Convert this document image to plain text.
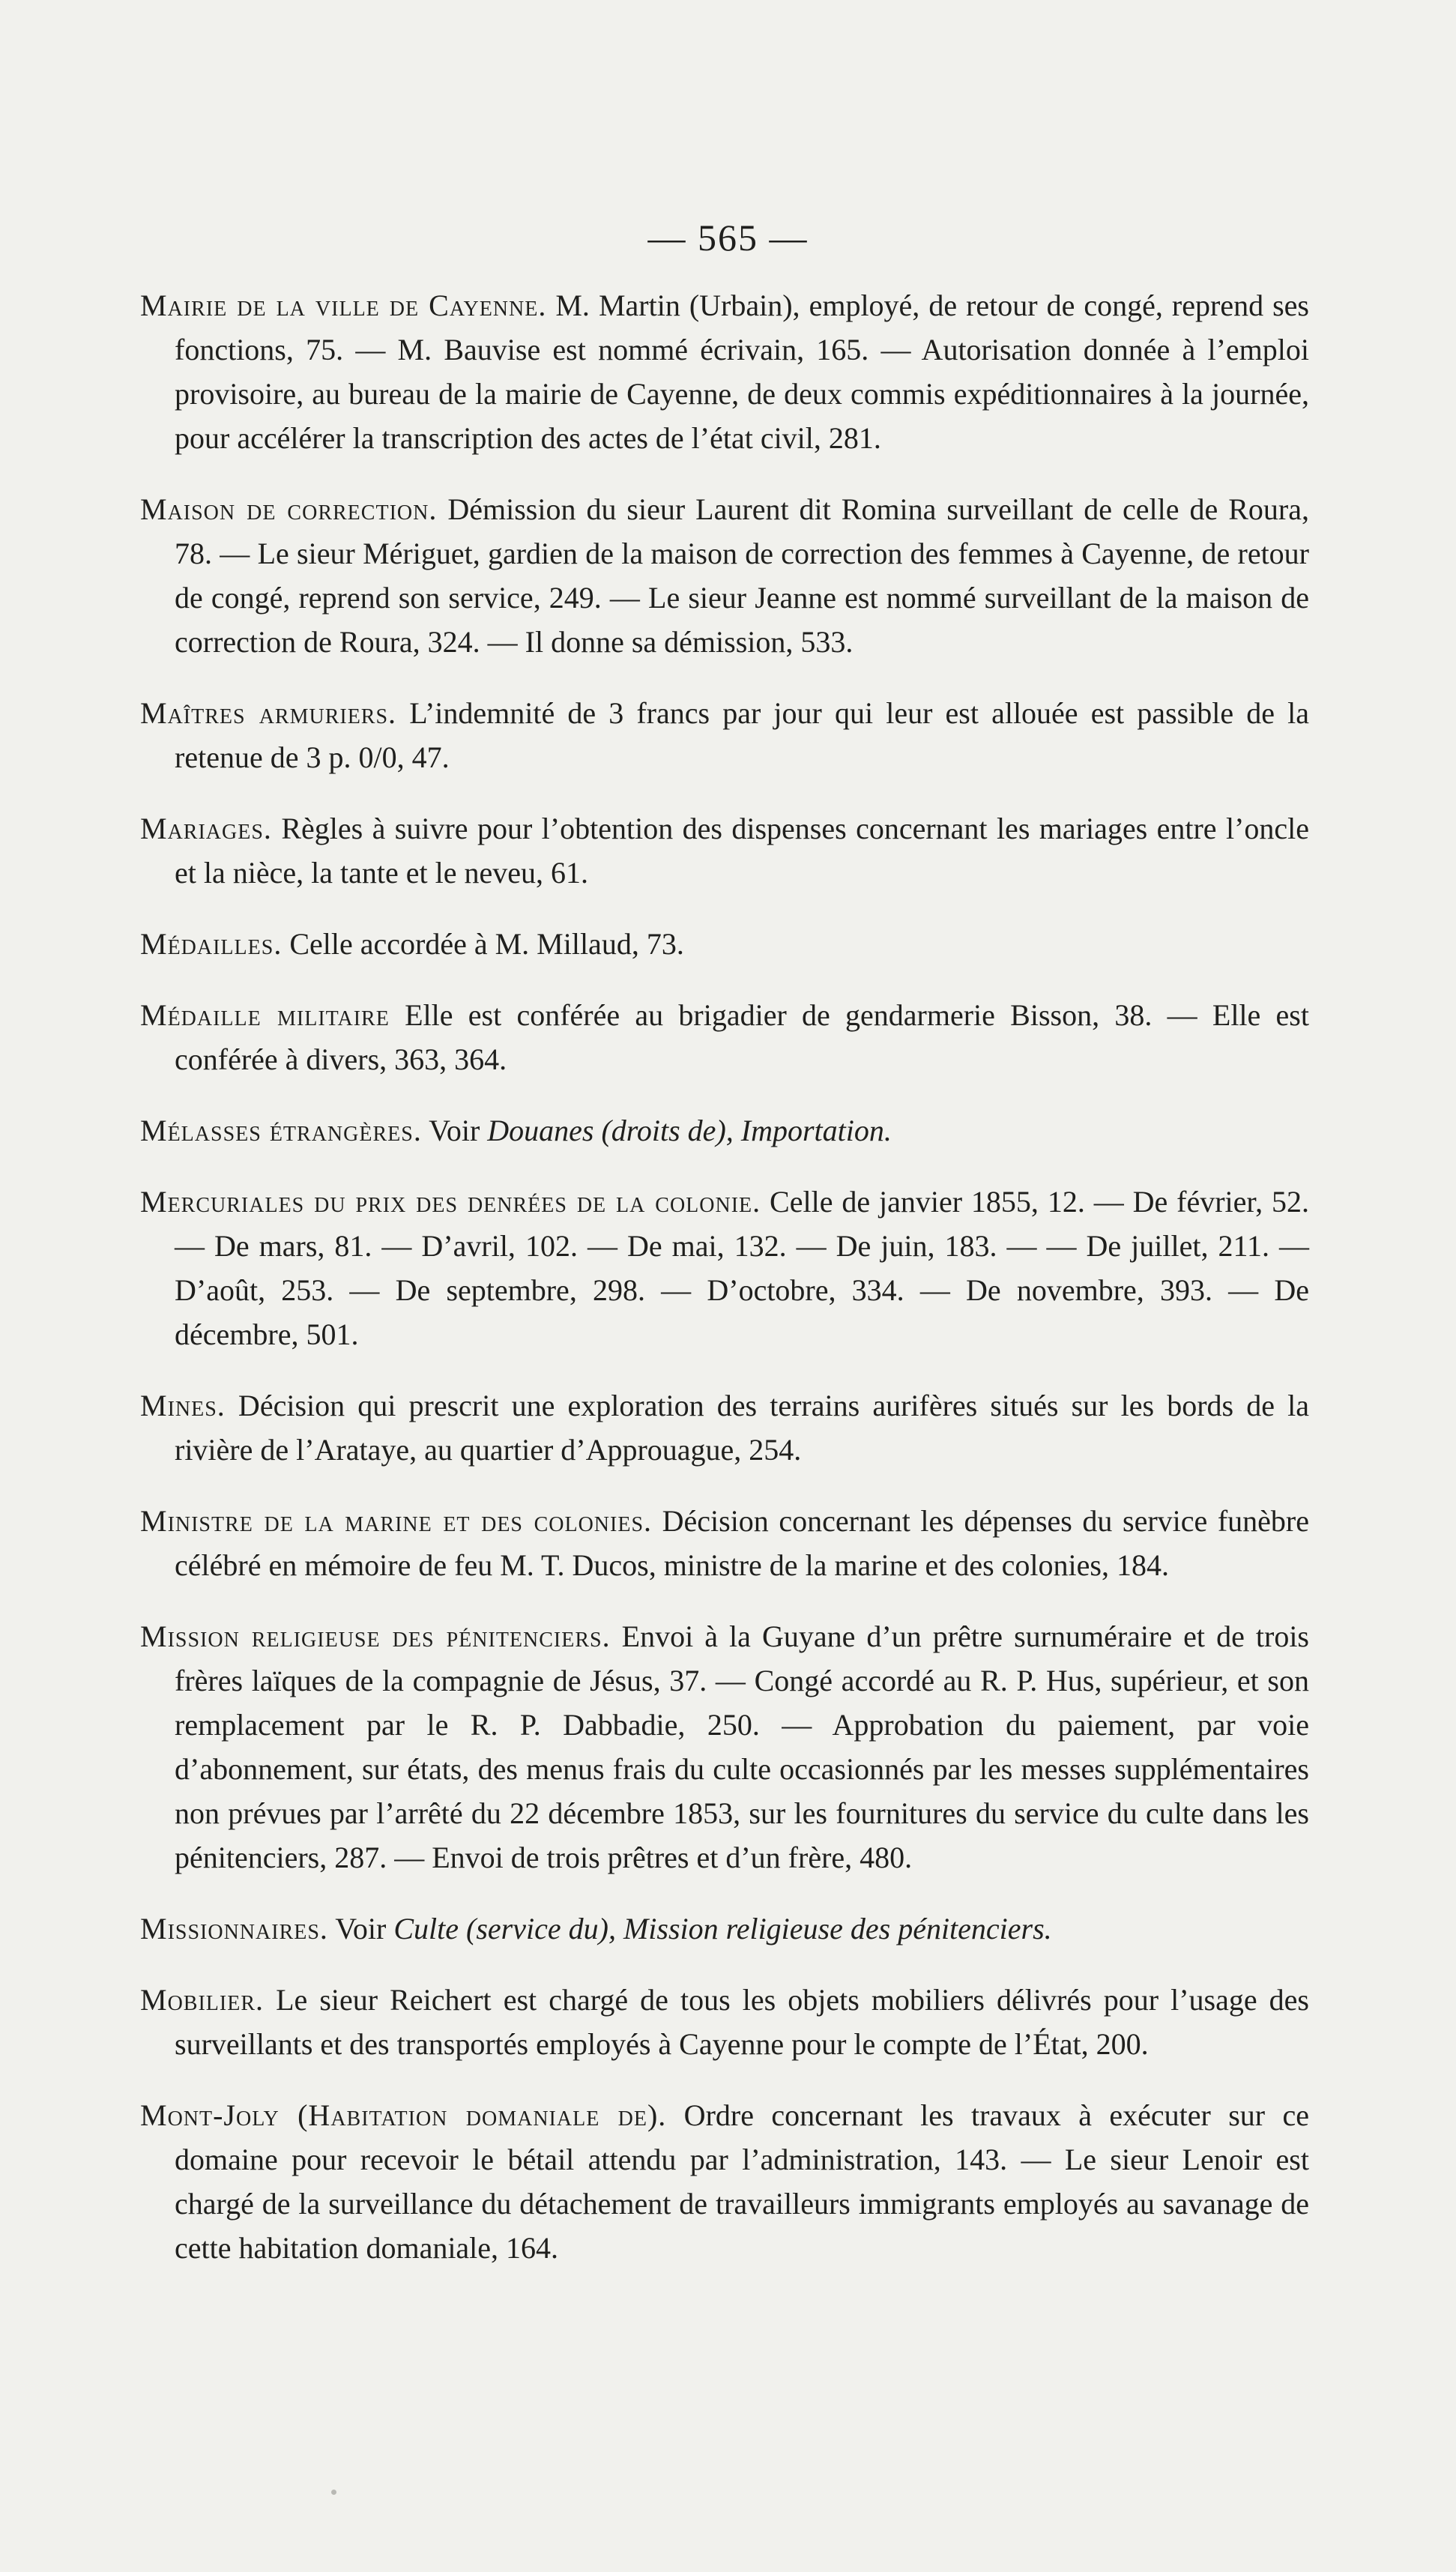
— 565 —

Mairie de la ville de Cayenne. M. Martin (Urbain), employé, de retour de congé, reprend ses fonctions, 75. — M. Bauvise est nommé écrivain, 165. — Autorisation donnée à l’emploi provisoire, au bureau de la mairie de Cayenne, de deux commis expéditionnaires à la journée, pour accélérer la transcription des actes de l’état civil, 281.

Maison de correction. Démission du sieur Laurent dit Romina surveillant de celle de Roura, 78. — Le sieur Mériguet, gardien de la maison de correction des femmes à Cayenne, de retour de congé, reprend son service, 249. — Le sieur Jeanne est nommé surveillant de la maison de correction de Roura, 324. — Il donne sa démission, 533.

Maîtres armuriers. L’indemnité de 3 francs par jour qui leur est allouée est passible de la retenue de 3 p. 0/0, 47.

Mariages. Règles à suivre pour l’obtention des dispenses concernant les mariages entre l’oncle et la nièce, la tante et le neveu, 61.

Médailles. Celle accordée à M. Millaud, 73.

Médaille militaire Elle est conférée au brigadier de gendarmerie Bisson, 38. — Elle est conférée à divers, 363, 364.

Mélasses étrangères. Voir Douanes (droits de), Importation.

Mercuriales du prix des denrées de la colonie. Celle de janvier 1855, 12. — De février, 52. — De mars, 81. — D’avril, 102. — De mai, 132. — De juin, 183. — — De juillet, 211. — D’août, 253. — De septembre, 298. — D’octobre, 334. — De novembre, 393. — De décembre, 501.

Mines. Décision qui prescrit une exploration des terrains aurifères situés sur les bords de la rivière de l’Arataye, au quartier d’Approuague, 254.

Ministre de la marine et des colonies. Décision concernant les dépenses du service funèbre célébré en mémoire de feu M. T. Ducos, ministre de la marine et des colonies, 184.

Mission religieuse des pénitenciers. Envoi à la Guyane d’un prêtre surnuméraire et de trois frères laïques de la compagnie de Jésus, 37. — Congé accordé au R. P. Hus, supérieur, et son remplacement par le R. P. Dabbadie, 250. — Approbation du paiement, par voie d’abonnement, sur états, des menus frais du culte occasionnés par les messes supplémentaires non prévues par l’arrêté du 22 décembre 1853, sur les fournitures du service du culte dans les pénitenciers, 287. — Envoi de trois prêtres et d’un frère, 480.

Missionnaires. Voir Culte (service du), Mission religieuse des pénitenciers.

Mobilier. Le sieur Reichert est chargé de tous les objets mobiliers délivrés pour l’usage des surveillants et des transportés employés à Cayenne pour le compte de l’État, 200.

Mont-Joly (Habitation domaniale de). Ordre concernant les travaux à exécuter sur ce domaine pour recevoir le bétail attendu par l’administration, 143. — Le sieur Lenoir est chargé de la surveillance du détachement de travailleurs immigrants employés au savanage de cette habitation domaniale, 164.
